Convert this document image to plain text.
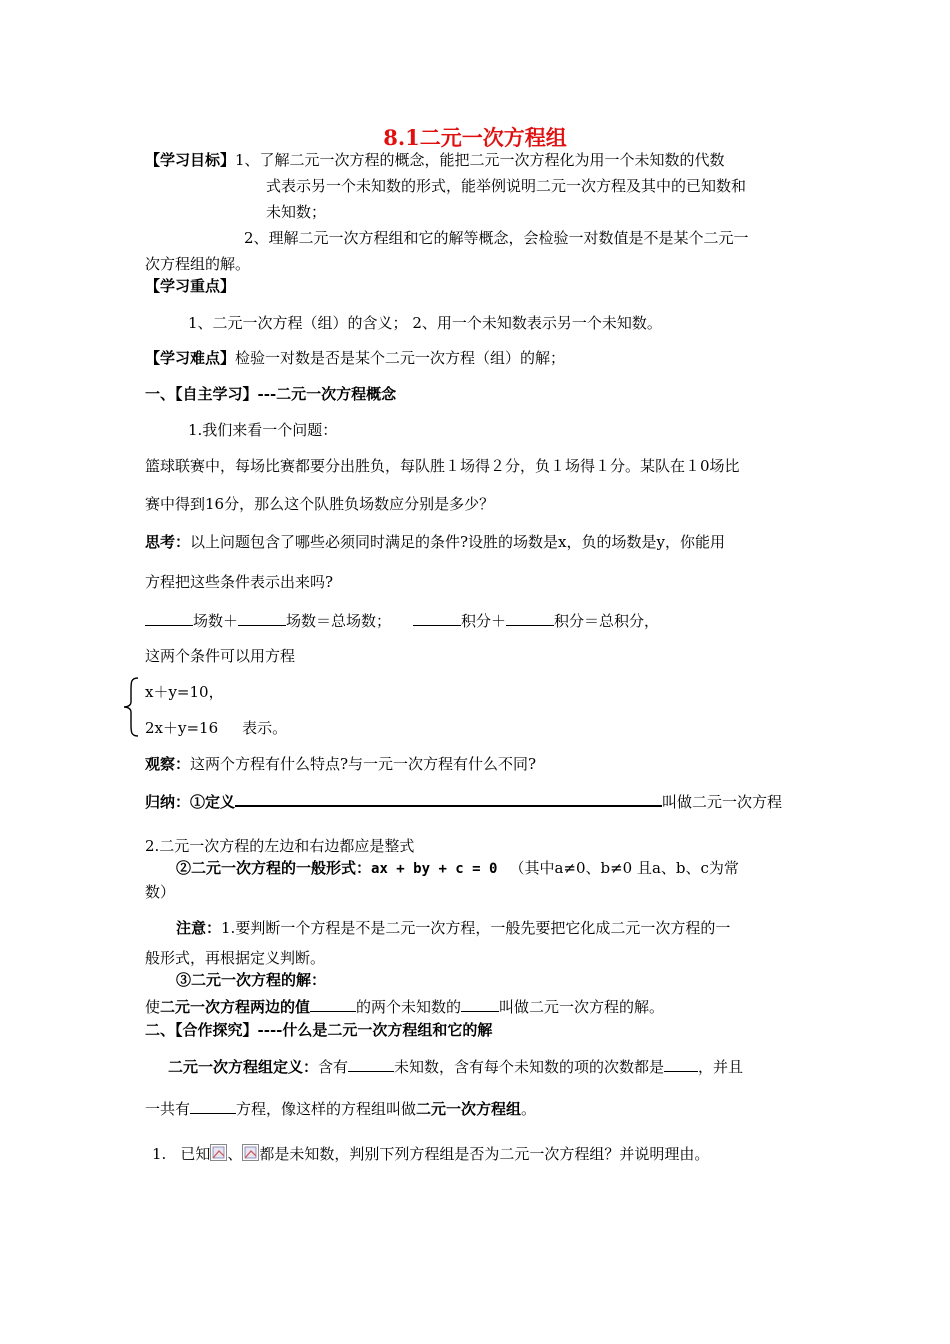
8.1二元一次方程组
【学习目标】1、了解二元一次方程的概念，能把二元一次方程化为用一个未知数的代数
式表示另一个未知数的形式，能举例说明二元一次方程及其中的已知数和
未知数；
2、理解二元一次方程组和它的解等概念，会检验一对数值是不是某个二元一
次方程组的解。
【学习重点】
1、二元一次方程（组）的含义； 2、用一个未知数表示另一个未知数。
【学习难点】检验一对数是否是某个二元一次方程（组）的解；
一、【自主学习】---二元一次方程概念
1.我们来看一个问题：
篮球联赛中，每场比赛都要分出胜负，每队胜１场得２分，负１场得１分。某队在１0场比
赛中得到16分，那么这个队胜负场数应分别是多少？
思考：以上问题包含了哪些必须同时满足的条件?设胜的场数是x，负的场数是y，你能用
方程把这些条件表示出来吗?
场数＋	场数＝总场数；	积分＋	积分＝总积分，
这两个条件可以用方程
x＋y=10，
2x＋y=16 表示。
观察：这两个方程有什么特点?与一元一次方程有什么不同?
归纳：①定义	叫做二元一次方程
2.二元一次方程的左边和右边都应是整式
②二元一次方程的一般形式：ax + by + c = 0 （其中a≠0、b≠0 且a、b、c为常
数）
注意：1.要判断一个方程是不是二元一次方程，一般先要把它化成二元一次方程的一
般形式，再根据定义判断。
③二元一次方程的解：
使二元一次方程两边的值	的两个未知数的	叫做二元一次方程的解。
二、【合作探究】----什么是二元一次方程组和它的解
二元一次方程组定义：含有	未知数，含有每个未知数的项的次数都是 ，并且
一共有	方程，像这样的方程组叫做二元一次方程组。
1. 已知 、 都是未知数，判别下列方程组是否为二元一次方程组？并说明理由。
